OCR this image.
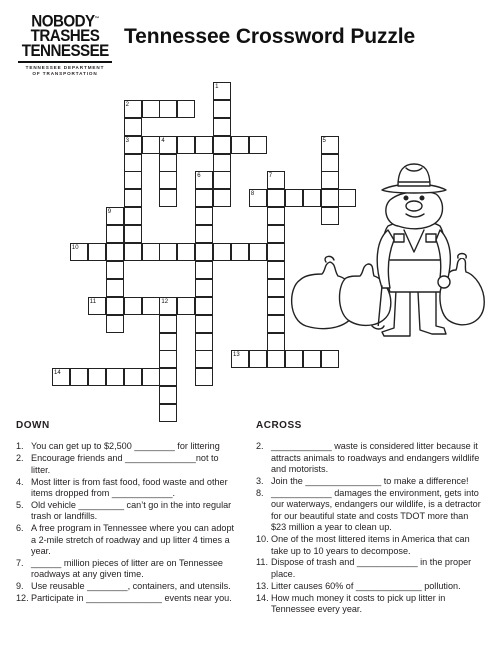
NOBODY™
TRASHES
TENNESSEE
TENNESSEE DEPARTMENT
OF TRANSPORTATION
Tennessee Crossword Puzzle
1
2
3	4	5
6	7
8
9
10
11	12
13
14
DOWN
1. You can get up to $2,500 ________ for littering
2. Encourage friends and ______________not to litter.
4. Most litter is from fast food, food waste and other items dropped from ____________.
5. Old vehicle _________ can’t go in the into regular trash or landfills.
6. A free program in Tennessee where you can adopt a 2-mile stretch of roadway and up litter 4 times a year.
7. ______ million pieces of litter are on Tennessee roadways at any given time.
9. Use reusable ________, containers, and utensils.
12. Participate in _______________ events near you.
ACROSS
2. ____________ waste is considered litter because it attracts animals to roadways and endangers wildlife and motorists.
3. Join the _______________ to make a difference!
8. ____________ damages the environment, gets into our waterways, endangers our wildlife, is a detractor for our beautiful state and costs TDOT more than $23 million a year to clean up.
10. One of the most littered items in America that can take up to 10 years to decompose.
11. Dispose of trash and ____________ in the proper place.
13. Litter causes 60% of _____________ pollution.
14. How much money it costs to pick up litter in Tennessee every year.
